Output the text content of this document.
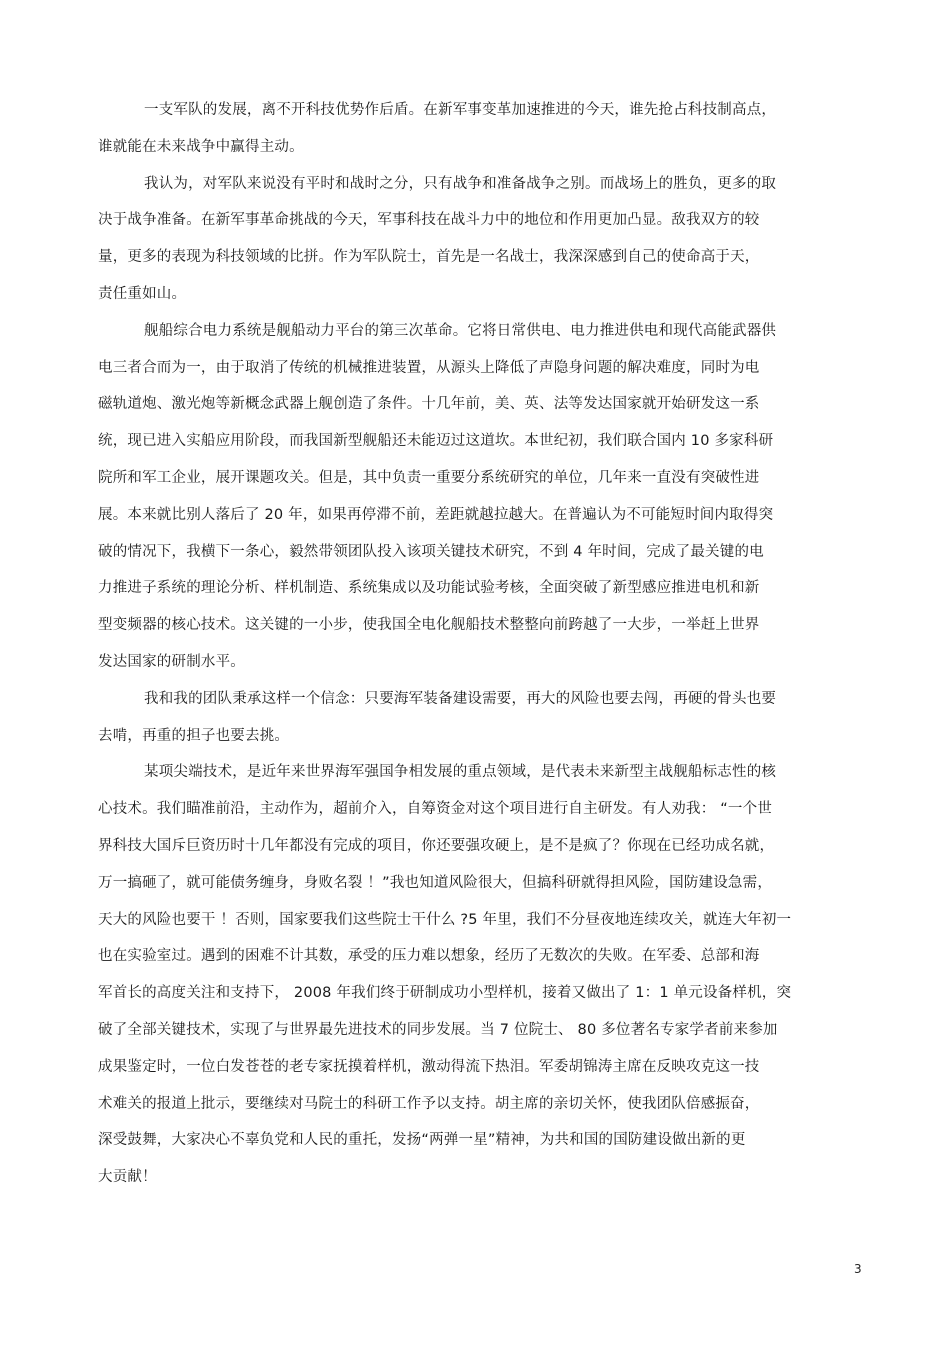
一支军队的发展，离不开科技优势作后盾。在新军事变革加速推进的今天，谁先抢占科技制高点，
谁就能在未来战争中赢得主动。
我认为，对军队来说没有平时和战时之分，只有战争和准备战争之别。而战场上的胜负，更多的取
决于战争准备。在新军事革命挑战的今天，军事科技在战斗力中的地位和作用更加凸显。敌我双方的较
量，更多的表现为科技领域的比拼。作为军队院士，首先是一名战士，我深深感到自己的使命高于天，
责任重如山。
舰船综合电力系统是舰船动力平台的第三次革命。它将日常供电、电力推进供电和现代高能武器供
电三者合而为一，由于取消了传统的机械推进装置，从源头上降低了声隐身问题的解决难度，同时为电
磁轨道炮、激光炮等新概念武器上舰创造了条件。十几年前，美、英、法等发达国家就开始研发这一系
统，现已进入实船应用阶段，而我国新型舰船还未能迈过这道坎。本世纪初，我们联合国内 10 多家科研
院所和军工企业，展开课题攻关。但是，其中负责一重要分系统研究的单位，几年来一直没有突破性进
展。本来就比别人落后了 20 年，如果再停滞不前，差距就越拉越大。在普遍认为不可能短时间内取得突
破的情况下，我横下一条心，毅然带领团队投入该项关键技术研究，不到 4 年时间，完成了最关键的电
力推进子系统的理论分析、样机制造、系统集成以及功能试验考核，全面突破了新型感应推进电机和新
型变频器的核心技术。这关键的一小步，使我国全电化舰船技术整整向前跨越了一大步，一举赶上世界
发达国家的研制水平。
我和我的团队秉承这样一个信念：只要海军装备建设需要，再大的风险也要去闯，再硬的骨头也要
去啃，再重的担子也要去挑。
某项尖端技术，是近年来世界海军强国争相发展的重点领域，是代表未来新型主战舰船标志性的核
心技术。我们瞄准前沿，主动作为，超前介入，自筹资金对这个项目进行自主研发。有人劝我： “一个世
界科技大国斥巨资历时十几年都没有完成的项目，你还要强攻硬上，是不是疯了？你现在已经功成名就，
万一搞砸了，就可能债务缠身，身败名裂 ！”我也知道风险很大，但搞科研就得担风险，国防建设急需，
天大的风险也要干 ！否则，国家要我们这些院士干什么 ?5 年里，我们不分昼夜地连续攻关，就连大年初一
也在实验室过。遇到的困难不计其数，承受的压力难以想象，经历了无数次的失败。在军委、总部和海
军首长的高度关注和支持下， 2008 年我们终于研制成功小型样机，接着又做出了 1：1 单元设备样机，突
破了全部关键技术，实现了与世界最先进技术的同步发展。当 7 位院士、 80 多位著名专家学者前来参加
成果鉴定时，一位白发苍苍的老专家抚摸着样机，激动得流下热泪。军委胡锦涛主席在反映攻克这一技
术难关的报道上批示，要继续对马院士的科研工作予以支持。胡主席的亲切关怀，使我团队倍感振奋，
深受鼓舞，大家决心不辜负党和人民的重托，发扬“两弹一星”精神，为共和国的国防建设做出新的更
大贡献！
3
